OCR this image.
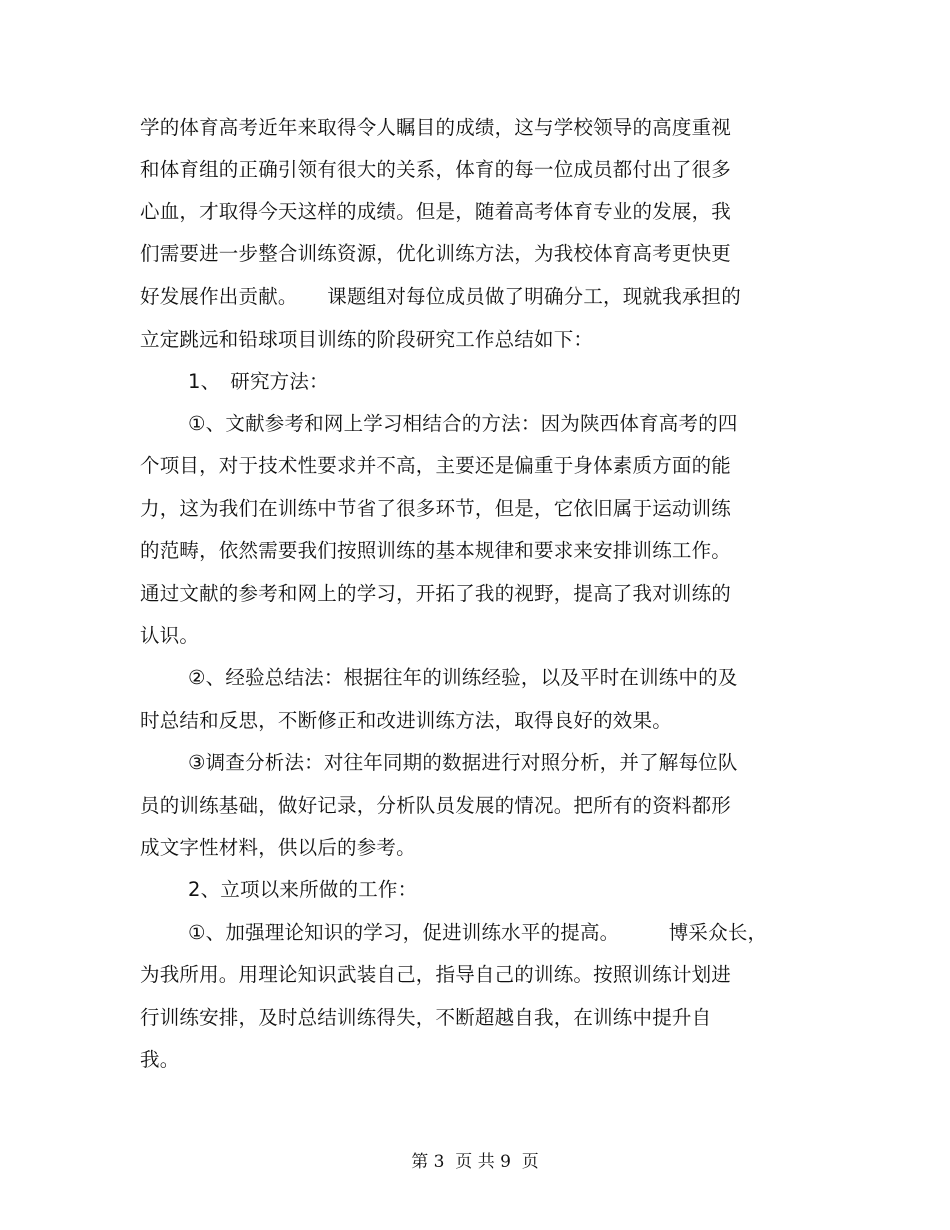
学的体育高考近年来取得令人瞩目的成绩，这与学校领导的高度重视
和体育组的正确引领有很大的关系，体育的每一位成员都付出了很多
心血，才取得今天这样的成绩。但是，随着高考体育专业的发展，我
们需要进一步整合训练资源，优化训练方法，为我校体育高考更快更
好发展作出贡献。　　课题组对每位成员做了明确分工，现就我承担的
立定跳远和铅球项目训练的阶段研究工作总结如下：
1、　研究方法：
①、文献参考和网上学习相结合的方法：因为陕西体育高考的四
个项目，对于技术性要求并不高，主要还是偏重于身体素质方面的能
力，这为我们在训练中节省了很多环节，但是，它依旧属于运动训练
的范畴，依然需要我们按照训练的基本规律和要求来安排训练工作。
通过文献的参考和网上的学习，开拓了我的视野，提高了我对训练的
认识。
②、经验总结法：根据往年的训练经验，以及平时在训练中的及
时总结和反思，不断修正和改进训练方法，取得良好的效果。
③调查分析法：对往年同期的数据进行对照分析，并了解每位队
员的训练基础，做好记录，分析队员发展的情况。把所有的资料都形
成文字性材料，供以后的参考。
2、立项以来所做的工作：
①、加强理论知识的学习，促进训练水平的提高。　　　博采众长，
为我所用。用理论知识武装自己，指导自己的训练。按照训练计划进
行训练安排，及时总结训练得失，不断超越自我，在训练中提升自
我。
第 3  页 共 9  页
